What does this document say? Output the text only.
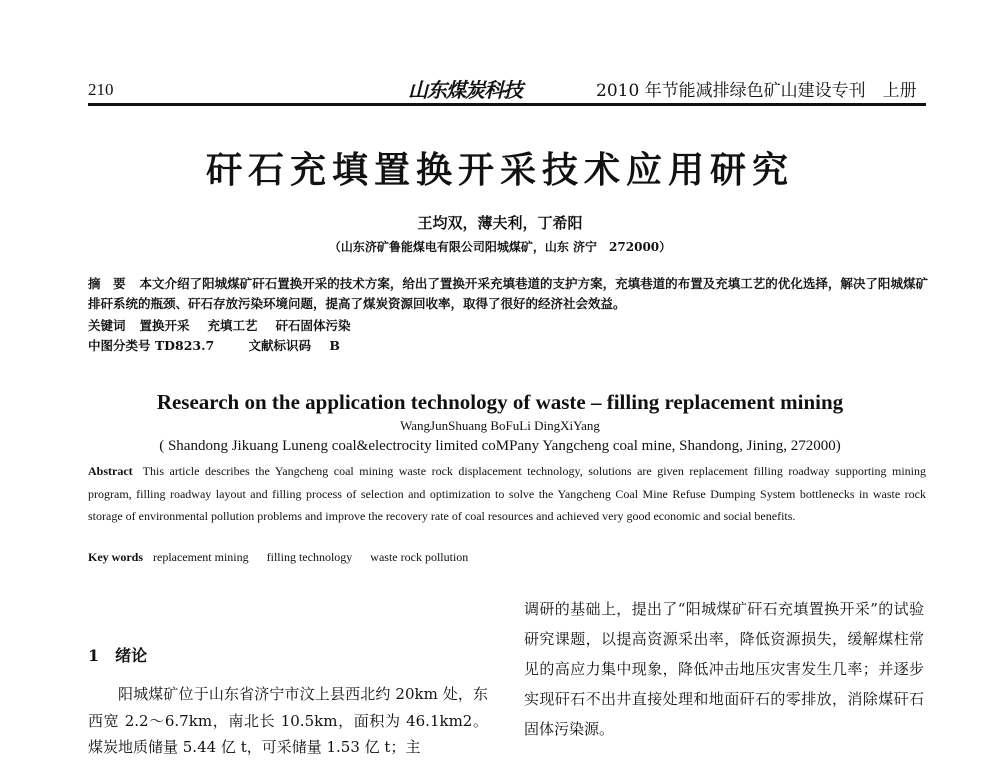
210	山东煤炭科技	2010 年节能减排绿色矿山建设专刊　上册
矸石充填置换开采技术应用研究
王均双，薄夫利，丁希阳
（山东济矿鲁能煤电有限公司阳城煤矿，山东 济宁　272000）
摘　要 本文介绍了阳城煤矿矸石置换开采的技术方案，给出了置换开采充填巷道的支护方案，充填巷道的布置及充填工艺的优化选择，解决了阳城煤矿排矸系统的瓶颈、矸石存放污染环境问题，提高了煤炭资源回收率，取得了很好的经济社会效益。
关键词 置换开采 充填工艺 矸石固体污染
中图分类号 TD823.7	文献标识码 B
Research on the application technology of waste – filling replacement mining
WangJunShuang BoFuLi DingXiYang
( Shandong Jikuang Luneng coal&electrocity limited coMPany Yangcheng coal mine, Shandong, Jining, 272000)
Abstract This article describes the Yangcheng coal mining waste rock displacement technology, solutions are given replacement filling roadway supporting mining program, filling roadway layout and filling process of selection and optimization to solve the Yangcheng Coal Mine Refuse Dumping System bottlenecks in waste rock storage of environmental pollution problems and improve the recovery rate of coal resources and achieved very good economic and social benefits.
Key words replacement mining filling technology waste rock pollution
1　绪论
阳城煤矿位于山东省济宁市汶上县西北约 20km 处，东西宽 2.2～6.7km，南北长 10.5km，面积为 46.1km2。煤炭地质储量 5.44 亿 t，可采储量 1.53 亿 t；主
调研的基础上，提出了“阳城煤矿矸石充填置换开采”的试验研究课题，以提高资源采出率，降低资源损失，缓解煤柱常见的高应力集中现象，降低冲击地压灾害发生几率；并逐步实现矸石不出井直接处理和地面矸石的零排放，消除煤矸石固体污染源。
